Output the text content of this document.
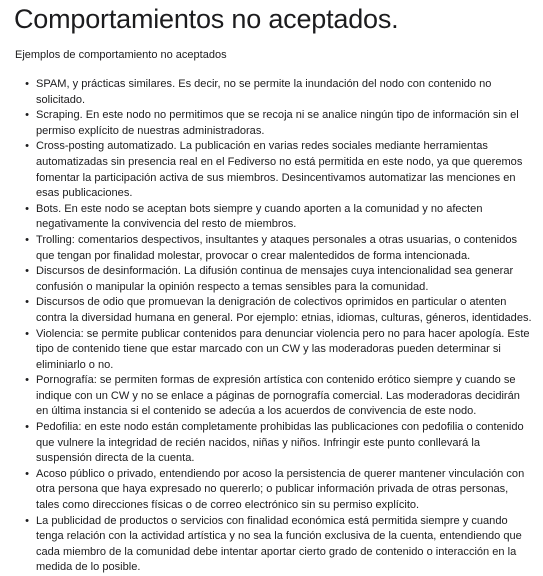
Comportamientos no aceptados.
Ejemplos de comportamiento no aceptados
• SPAM, y prácticas similares. Es decir, no se permite la inundación del nodo con contenido no solicitado.
• Scraping. En este nodo no permitimos que se recoja ni se analice ningún tipo de información sin el permiso explícito de nuestras administradoras.
• Cross-posting automatizado. La publicación en varias redes sociales mediante herramientas automatizadas sin presencia real en el Fediverso no está permitida en este nodo, ya que queremos fomentar la participación activa de sus miembros. Desincentivamos automatizar las menciones en esas publicaciones.
• Bots. En este nodo se aceptan bots siempre y cuando aporten a la comunidad y no afecten negativamente la convivencia del resto de miembros.
• Trolling: comentarios despectivos, insultantes y ataques personales a otras usuarias, o contenidos que tengan por finalidad molestar, provocar o crear malentedidos de forma intencionada.
• Discursos de desinformación. La difusión continua de mensajes cuya intencionalidad sea generar confusión o manipular la opinión respecto a temas sensibles para la comunidad.
• Discursos de odio que promuevan la denigración de colectivos oprimidos en particular o atenten contra la diversidad humana en general. Por ejemplo: etnias, idiomas, culturas, géneros, identidades.
• Violencia: se permite publicar contenidos para denunciar violencia pero no para hacer apología. Este tipo de contenido tiene que estar marcado con un CW y las moderadoras pueden determinar si eliminiarlo o no.
• Pornografía: se permiten formas de expresión artística con contenido erótico siempre y cuando se indique con un CW y no se enlace a páginas de pornografía comercial. Las moderadoras decidirán en última instancia si el contenido se adecúa a los acuerdos de convivencia de este nodo.
• Pedofilia: en este nodo están completamente prohibidas las publicaciones con pedofilia o contenido que vulnere la integridad de recién nacidos, niñas y niños. Infringir este punto conllevará la suspensión directa de la cuenta.
• Acoso público o privado, entendiendo por acoso la persistencia de querer mantener vinculación con otra persona que haya expresado no quererlo; o publicar información privada de otras personas, tales como direcciones físicas o de correo electrónico sin su permiso explícito.
• La publicidad de productos o servicios con finalidad económica está permitida siempre y cuando tenga relación con la actividad artística y no sea la función exclusiva de la cuenta, entendiendo que cada miembro de la comunidad debe intentar aportar cierto grado de contenido o interacción en la medida de lo posible.
